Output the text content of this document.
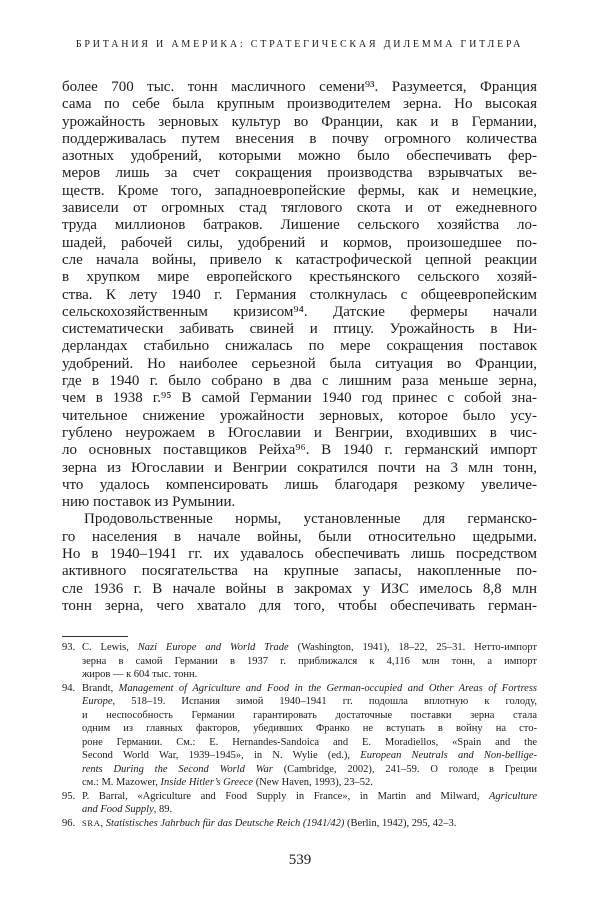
БРИТАНИЯ И АМЕРИКА: СТРАТЕГИЧЕСКАЯ ДИЛЕММА ГИТЛЕРА
более 700 тыс. тонн масличного семени⁹³. Разумеется, Франция
сама по себе была крупным производителем зерна. Но высокая
урожайность зерновых культур во Франции, как и в Германии,
поддерживалась путем внесения в почву огромного количества
азотных удобрений, которыми можно было обеспечивать фер-
меров лишь за счет сокращения производства взрывчатых ве-
ществ. Кроме того, западноевропейские фермы, как и немецкие,
зависели от огромных стад тяглового скота и от ежедневного
труда миллионов батраков. Лишение сельского хозяйства ло-
шадей, рабочей силы, удобрений и кормов, произошедшее по-
сле начала войны, привело к катастрофической цепной реакции
в хрупком мире европейского крестьянского сельского хозяй-
ства. К лету 1940 г. Германия столкнулась с общеевропейским
сельскохозяйственным кризисом⁹⁴. Датские фермеры начали
систематически забивать свиней и птицу. Урожайность в Ни-
дерландах стабильно снижалась по мере сокращения поставок
удобрений. Но наиболее серьезной была ситуация во Франции,
где в 1940 г. было собрано в два с лишним раза меньше зерна,
чем в 1938 г.⁹⁵ В самой Германии 1940 год принес с собой зна-
чительное снижение урожайности зерновых, которое было усу-
гублено неурожаем в Югославии и Венгрии, входивших в чис-
ло основных поставщиков Рейха⁹⁶. В 1940 г. германский импорт
зерна из Югославии и Венгрии сократился почти на 3 млн тонн,
что удалось компенсировать лишь благодаря резкому увеличе-
нию поставок из Румынии.
Продовольственные нормы, установленные для германско-
го населения в начале войны, были относительно щедрыми.
Но в 1940–1941 гг. их удавалось обеспечивать лишь посредством
активного посягательства на крупные запасы, накопленные по-
сле 1936 г. В начале войны в закромах у ИЗС имелось 8,8 млн
тонн зерна, чего хватало для того, чтобы обеспечивать герман-
93. C. Lewis, Nazi Europe and World Trade (Washington, 1941), 18–22, 25–31. Нетто-импорт
зерна в самой Германии в 1937 г. приближался к 4,116 млн тонн, а импорт
жиров — к 604 тыс. тонн.
94. Brandt, Management of Agriculture and Food in the German-occupied and Other Areas of Fortress
Europe, 518–19. Испания зимой 1940–1941 гг. подошла вплотную к голоду,
и неспособность Германии гарантировать достаточные поставки зерна стала
одним из главных факторов, убедивших Франко не вступать в войну на сто-
роне Германии. См.: E. Hernandes-Sandoica and E. Moradiellos, «Spain and the
Second World War, 1939–1945», in N. Wylie (ed.), European Neutrals and Non-bellige-
rents During the Second World War (Cambridge, 2002), 241–59. О голоде в Греции
см.: M. Mazower, Inside Hitler’s Greece (New Haven, 1993), 23–52.
95. P. Barral, «Agriculture and Food Supply in France», in Martin and Milward, Agriculture
and Food Supply, 89.
96. SRA, Statistisches Jahrbuch für das Deutsche Reich (1941/42) (Berlin, 1942), 295, 42–3.
539
